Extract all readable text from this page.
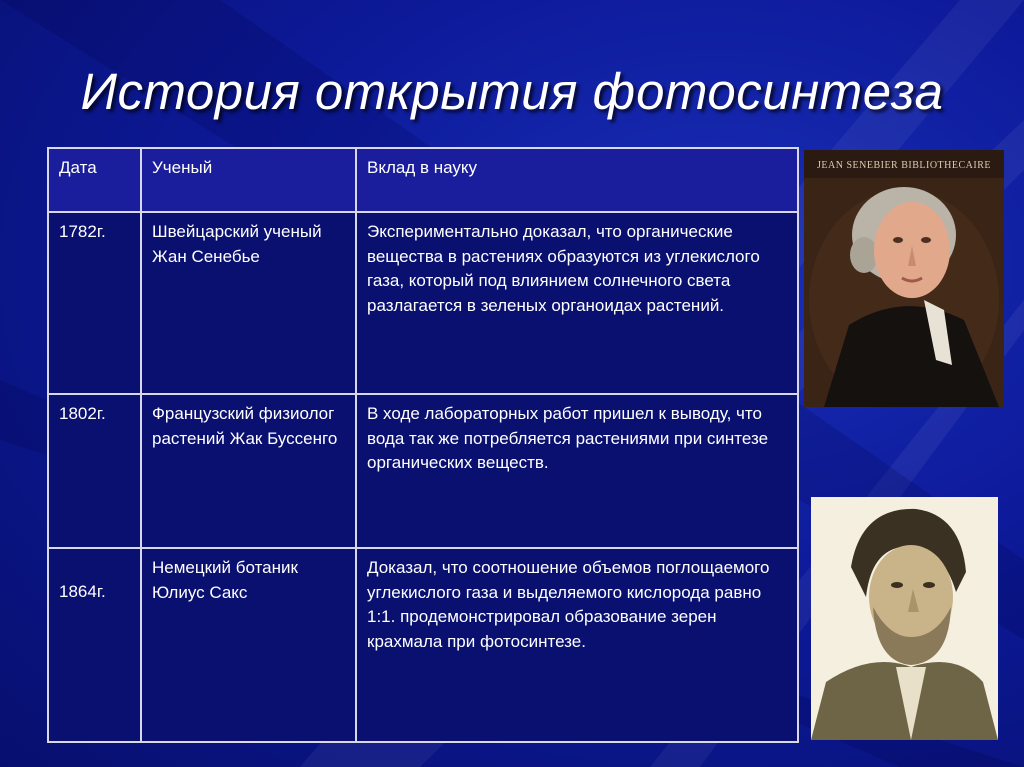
История открытия фотосинтеза
Дата	Ученый	Вклад в науку
1782г.	Швейцарский ученый Жан Сенебье	Экспериментально доказал, что органические вещества в растениях образуются из углекислого газа, который под влиянием солнечного света разлагается в зеленых органоидах растений.
1802г.	Французский физиолог растений Жак Буссенго	В ходе лабораторных работ пришел к выводу, что вода так же потребляется растениями при синтезе органических веществ.
1864г.	Немецкий ботаник Юлиус Сакс	Доказал, что соотношение объемов поглощаемого углекислого газа и выделяемого кислорода равно 1:1. продемонстрировал образование зерен крахмала при фотосинтезе.
JEAN SENEBIER BIBLIOTHECAIRE
